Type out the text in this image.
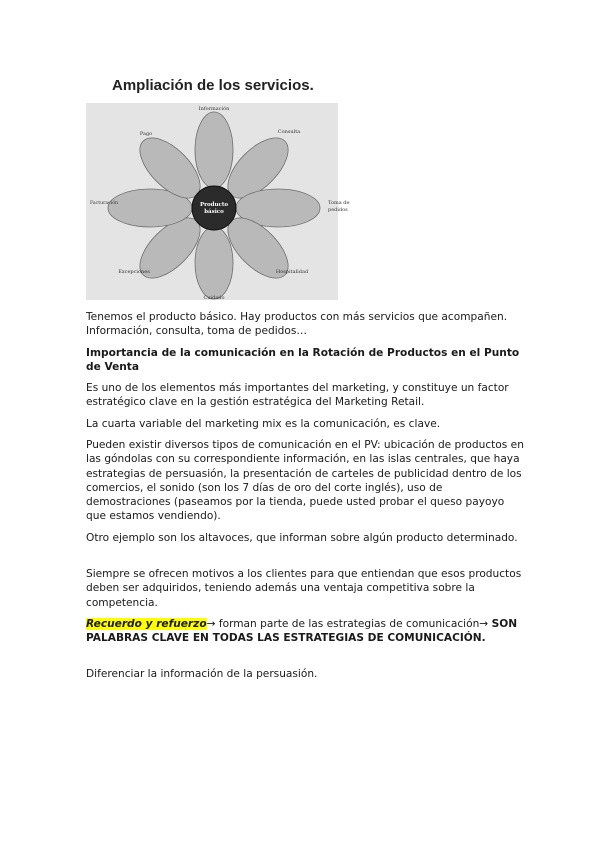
Ampliación de los servicios.
Producto
básico
Información
Consulta
Toma de
pedidos
Hospitalidad
Cuidado
Excepciones
Facturación
Pago

Tenemos el producto básico. Hay productos con más servicios que acompañen. Información, consulta, toma de pedidos…

Importancia de la comunicación en la Rotación de Productos en el Punto de Venta

Es uno de los elementos más importantes del marketing, y constituye un factor estratégico clave en la gestión estratégica del Marketing Retail.

La cuarta variable del marketing mix es la comunicación, es clave.

Pueden existir diversos tipos de comunicación en el PV: ubicación de productos en las góndolas con su correspondiente información, en las islas centrales, que haya estrategias de persuasión, la presentación de carteles de publicidad dentro de los comercios, el sonido (son los 7 días de oro del corte inglés), uso de demostraciones (paseamos por la tienda, puede usted probar el queso payoyo que estamos vendiendo).

Otro ejemplo son los altavoces, que informan sobre algún producto determinado.

Siempre se ofrecen motivos a los clientes para que entiendan que esos productos deben ser adquiridos, teniendo además una ventaja competitiva sobre la competencia.

Recuerdo y refuerzo→ forman parte de las estrategias de comunicación→ SON PALABRAS CLAVE EN TODAS LAS ESTRATEGIAS DE COMUNICACIÓN.

Diferenciar la información de la persuasión.
